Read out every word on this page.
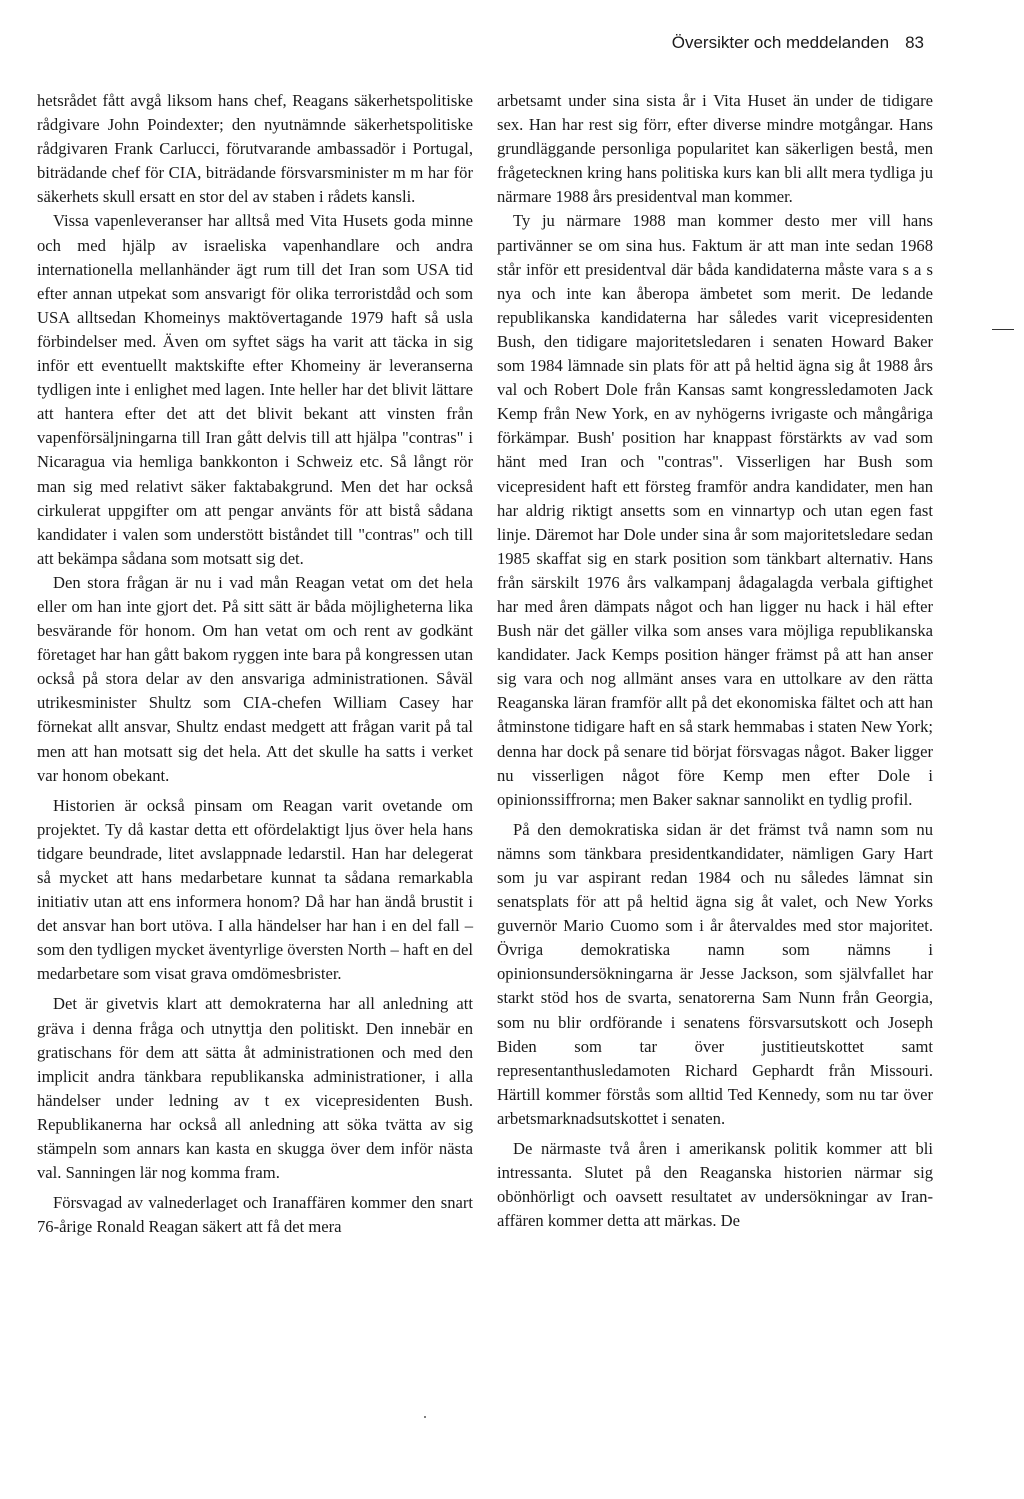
Översikter och meddelanden 83

hetsrådet fått avgå liksom hans chef, Reagans säkerhetspolitiske rådgivare John Poindexter; den nyutnämnde säkerhetspolitiske rådgivaren Frank Carlucci, förutvarande ambassadör i Portugal, biträdande chef för CIA, biträdande försvarsminister m m har för säkerhets skull ersatt en stor del av staben i rådets kansli.

Vissa vapenleveranser har alltså med Vita Husets goda minne och med hjälp av israeliska vapenhandlare och andra internationella mellanhänder ägt rum till det Iran som USA tid efter annan utpekat som ansvarigt för olika terroristdåd och som USA alltsedan Khomeinys maktövertagande 1979 haft så usla förbindelser med. Även om syftet sägs ha varit att täcka in sig inför ett eventuellt maktskifte efter Khomeiny är leveranserna tydligen inte i enlighet med lagen. Inte heller har det blivit lättare att hantera efter det att det blivit bekant att vinsten från vapenförsäljningarna till Iran gått delvis till att hjälpa "contras" i Nicaragua via hemliga bankkonton i Schweiz etc. Så långt rör man sig med relativt säker faktabakgrund. Men det har också cirkulerat uppgifter om att pengar använts för att bistå sådana kandidater i valen som understött biståndet till "contras" och till att bekämpa sådana som motsatt sig det.

Den stora frågan är nu i vad mån Reagan vetat om det hela eller om han inte gjort det. På sitt sätt är båda möjligheterna lika besvärande för honom. Om han vetat om och rent av godkänt företaget har han gått bakom ryggen inte bara på kongressen utan också på stora delar av den ansvariga administrationen. Såväl utrikesminister Shultz som CIA-chefen William Casey har förnekat allt ansvar, Shultz endast medgett att frågan varit på tal men att han motsatt sig det hela. Att det skulle ha satts i verket var honom obekant.

Historien är också pinsam om Reagan varit ovetande om projektet. Ty då kastar detta ett ofördelaktigt ljus över hela hans tidgare beundrade, litet avslappnade ledarstil. Han har delegerat så mycket att hans medarbetare kunnat ta sådana remarkabla initiativ utan att ens informera honom? Då har han ändå brustit i det ansvar han bort utöva. I alla händelser har han i en del fall – som den tydligen mycket äventyrlige översten North – haft en del medarbetare som visat grava omdömesbrister.

Det är givetvis klart att demokraterna har all anledning att gräva i denna fråga och utnyttja den politiskt. Den innebär en gratischans för dem att sätta åt administrationen och med den implicit andra tänkbara republikanska administrationer, i alla händelser under ledning av t ex vicepresidenten Bush. Republikanerna har också all anledning att söka tvätta av sig stämpeln som annars kan kasta en skugga över dem inför nästa val. Sanningen lär nog komma fram.

Försvagad av valnederlaget och Iranaffären kommer den snart 76-årige Ronald Reagan säkert att få det mera

arbetsamt under sina sista år i Vita Huset än under de tidigare sex. Han har rest sig förr, efter diverse mindre motgångar. Hans grundläggande personliga popularitet kan säkerligen bestå, men frågetecknen kring hans politiska kurs kan bli allt mera tydliga ju närmare 1988 års presidentval man kommer.

Ty ju närmare 1988 man kommer desto mer vill hans partivänner se om sina hus. Faktum är att man inte sedan 1968 står inför ett presidentval där båda kandidaterna måste vara s a s nya och inte kan åberopa ämbetet som merit. De ledande republikanska kandidaterna har således varit vicepresidenten Bush, den tidigare majoritetsledaren i senaten Howard Baker som 1984 lämnade sin plats för att på heltid ägna sig åt 1988 års val och Robert Dole från Kansas samt kongressledamoten Jack Kemp från New York, en av nyhögerns ivrigaste och mångåriga förkämpar. Bush' position har knappast förstärkts av vad som hänt med Iran och "contras". Visserligen har Bush som vicepresident haft ett försteg framför andra kandidater, men han har aldrig riktigt ansetts som en vinnartyp och utan egen fast linje. Däremot har Dole under sina år som majoritetsledare sedan 1985 skaffat sig en stark position som tänkbart alternativ. Hans från särskilt 1976 års valkampanj ådagalagda verbala giftighet har med åren dämpats något och han ligger nu hack i häl efter Bush när det gäller vilka som anses vara möjliga republikanska kandidater. Jack Kemps position hänger främst på att han anser sig vara och nog allmänt anses vara en uttolkare av den rätta Reaganska läran framför allt på det ekonomiska fältet och att han åtminstone tidigare haft en så stark hemmabas i staten New York; denna har dock på senare tid börjat försvagas något. Baker ligger nu visserligen något före Kemp men efter Dole i opinionssiffrorna; men Baker saknar sannolikt en tydlig profil.

På den demokratiska sidan är det främst två namn som nu nämns som tänkbara presidentkandidater, nämligen Gary Hart som ju var aspirant redan 1984 och nu således lämnat sin senatsplats för att på heltid ägna sig åt valet, och New Yorks guvernör Mario Cuomo som i år återvaldes med stor majoritet. Övriga demokratiska namn som nämns i opinionsundersökningarna är Jesse Jackson, som självfallet har starkt stöd hos de svarta, senatorerna Sam Nunn från Georgia, som nu blir ordförande i senatens försvarsutskott och Joseph Biden som tar över justitieutskottet samt representanthusledamoten Richard Gephardt från Missouri. Härtill kommer förstås som alltid Ted Kennedy, som nu tar över arbetsmarknadsutskottet i senaten.

De närmaste två åren i amerikansk politik kommer att bli intressanta. Slutet på den Reaganska historien närmar sig obönhörligt och oavsett resultatet av undersökningar av Iran-affären kommer detta att märkas. De
